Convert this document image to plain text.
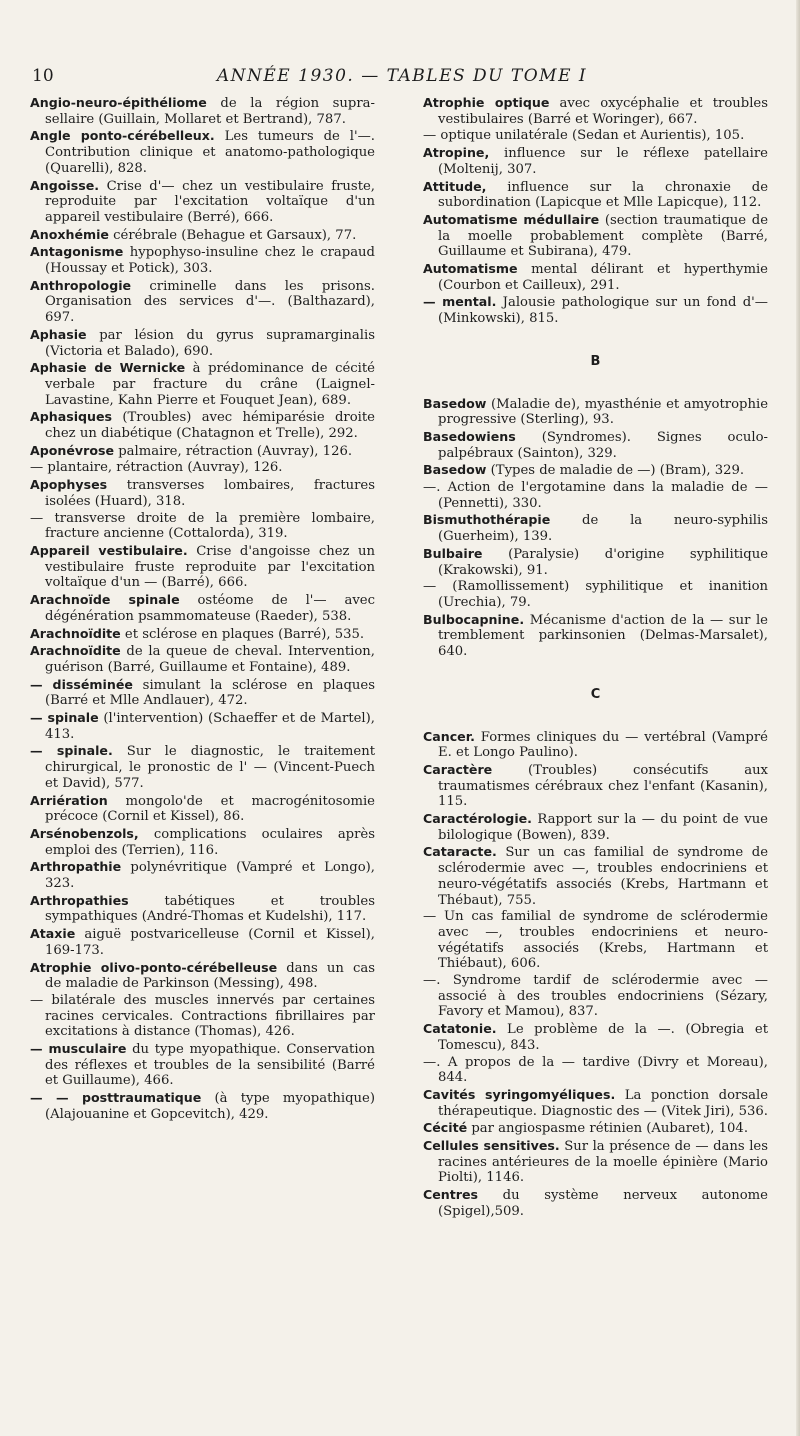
10	ANNÉE 1930. — TABLES DU TOME I
Angio-neuro-épithéliome de la région supra-sellaire (Guillain, Mollaret et Bertrand), 787.
Angle ponto-cérébelleux. Les tumeurs de l'—. Contribution clinique et anatomo-pathologique (Quarelli), 828.
Angoisse. Crise d'— chez un vestibulaire fruste, reproduite par l'excitation voltaïque d'un appareil vestibulaire (Berré), 666.
Anoxhémie cérébrale (Behague et Garsaux), 77.
Antagonisme hypophyso-insuline chez le crapaud (Houssay et Potick), 303.
Anthropologie criminelle dans les prisons. Organisation des services d'—. (Balthazard), 697.
Aphasie par lésion du gyrus supramarginalis (Victoria et Balado), 690.
Aphasie de Wernicke à prédominance de cécité verbale par fracture du crâne (Laignel-Lavastine, Kahn Pierre et Fouquet Jean), 689.
Aphasiques (Troubles) avec hémiparésie droite chez un diabétique (Chatagnon et Trelle), 292.
Aponévrose palmaire, rétraction (Auvray), 126.
— plantaire, rétraction (Auvray), 126.
Apophyses transverses lombaires, fractures isolées (Huard), 318.
— transverse droite de la première lombaire, fracture ancienne (Cottalorda), 319.
Appareil vestibulaire. Crise d'angoisse chez un vestibulaire fruste reproduite par l'excitation voltaïque d'un — (Barré), 666.
Arachnoïde spinale ostéome de l'— avec dégénération psammomateuse (Raeder), 538.
Arachnoïdite et sclérose en plaques (Barré), 535.
Arachnoïdite de la queue de cheval. Intervention, guérison (Barré, Guillaume et Fontaine), 489.
— disséminée simulant la sclérose en plaques (Barré et Mlle Andlauer), 472.
— spinale (l'intervention) (Schaeffer et de Martel), 413.
— spinale. Sur le diagnostic, le traitement chirurgical, le pronostic de l' — (Vincent-Puech et David), 577.
Arriération mongolo'de et macrogénitosomie précoce (Cornil et Kissel), 86.
Arsénobenzols, complications oculaires après emploi des (Terrien), 116.
Arthropathie polynévritique (Vampré et Longo), 323.
Arthropathies tabétiques et troubles sympathiques (André-Thomas et Kudelshi), 117.
Ataxie aiguë postvaricelleuse (Cornil et Kissel), 169-173.
Atrophie olivo-ponto-cérébelleuse dans un cas de maladie de Parkinson (Messing), 498.
— bilatérale des muscles innervés par certaines racines cervicales. Contractions fibrillaires par excitations à distance (Thomas), 426.
— musculaire du type myopathique. Conservation des réflexes et troubles de la sensibilité (Barré et Guillaume), 466.
— — posttraumatique (à type myopathique) (Alajouanine et Gopcevitch), 429.
Atrophie optique avec oxycéphalie et troubles vestibulaires (Barré et Woringer), 667.
— optique unilatérale (Sedan et Aurientis), 105.
Atropine, influence sur le réflexe patellaire (Moltenij, 307.
Attitude, influence sur la chronaxie de subordination (Lapicque et Mlle Lapicque), 112.
Automatisme médullaire (section traumatique de la moelle probablement complète (Barré, Guillaume et Subirana), 479.
Automatisme mental délirant et hyperthymie (Courbon et Cailleux), 291.
— mental. Jalousie pathologique sur un fond d'— (Minkowski), 815.
B
Basedow (Maladie de), myasthénie et amyotrophie progressive (Sterling), 93.
Basedowiens (Syndromes). Signes oculo-palpébraux (Sainton), 329.
Basedow (Types de maladie de —) (Bram), 329.
—. Action de l'ergotamine dans la maladie de — (Pennetti), 330.
Bismuthothérapie de la neuro-syphilis (Guerheim), 139.
Bulbaire (Paralysie) d'origine syphilitique (Krakowski), 91.
— (Ramollissement) syphilitique et inanition (Urechia), 79.
Bulbocapnine. Mécanisme d'action de la — sur le tremblement parkinsonien (Delmas-Marsalet), 640.
C
Cancer. Formes cliniques du — vertébral (Vampré E. et Longo Paulino).
Caractère (Troubles) consécutifs aux traumatismes cérébraux chez l'enfant (Kasanin), 115.
Caractérologie. Rapport sur la — du point de vue bilologique (Bowen), 839.
Cataracte. Sur un cas familial de syndrome de sclérodermie avec —, troubles endocriniens et neuro-végétatifs associés (Krebs, Hartmann et Thébaut), 755.
— Un cas familial de syndrome de sclérodermie avec —, troubles endocriniens et neuro-végétatifs associés (Krebs, Hartmann et Thiébaut), 606.
—. Syndrome tardif de sclérodermie avec — associé à des troubles endocriniens (Sézary, Favory et Mamou), 837.
Catatonie. Le problème de la —. (Obregia et Tomescu), 843.
—. A propos de la — tardive (Divry et Moreau), 844.
Cavités syringomyéliques. La ponction dorsale thérapeutique. Diagnostic des — (Vitek Jiri), 536.
Cécité par angiospasme rétinien (Aubaret), 104.
Cellules sensitives. Sur la présence de — dans les racines antérieures de la moelle épinière (Mario Piolti), 1146.
Centres du système nerveux autonome (Spigel),509.
